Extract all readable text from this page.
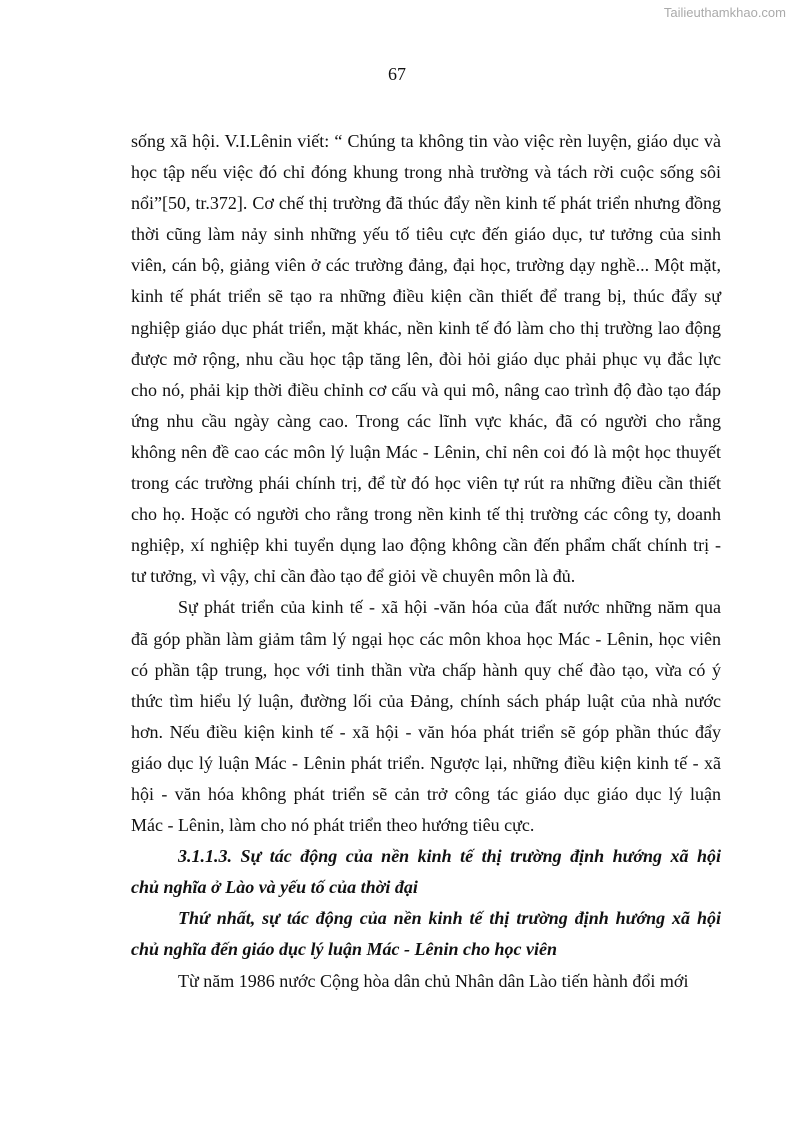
Tailieuthamkhao.com
67
sống xã hội. V.I.Lênin viết: “ Chúng ta không tin vào việc rèn luyện, giáo dục và
học tập nếu việc đó chỉ đóng khung trong nhà trường và tách rời cuộc sống sôi
nổi”[50, tr.372]. Cơ chế thị trường đã thúc đẩy nền kinh tế phát triển nhưng đồng
thời cũng làm nảy sinh những yếu tố tiêu cực đến giáo dục, tư tưởng của sinh
viên, cán bộ, giảng viên ở các trường đảng, đại học, trường dạy nghề... Một mặt,
kinh tế phát triển sẽ tạo ra những điều kiện cần thiết để trang bị, thúc đẩy sự
nghiệp giáo dục phát triển, mặt khác, nền kinh tế đó làm cho thị trường lao động
được mở rộng, nhu cầu học tập tăng lên, đòi hỏi giáo dục phải phục vụ đắc lực
cho nó, phải kịp thời điều chỉnh cơ cấu và qui mô, nâng cao trình độ đào tạo đáp
ứng nhu cầu ngày càng cao. Trong các lĩnh vực khác, đã có người cho rằng
không nên đề cao các môn lý luận Mác - Lênin, chỉ nên coi đó là một học thuyết
trong các trường phái chính trị, để từ đó học viên tự rút ra những điều cần thiết
cho họ. Hoặc có người cho rằng trong nền kinh tế thị trường các công ty, doanh
nghiệp, xí nghiệp khi tuyển dụng lao động không cần đến phẩm chất chính trị -
tư tưởng, vì vậy, chỉ cần đào tạo để giỏi về chuyên môn là đủ.
Sự phát triển của kinh tế - xã hội -văn hóa của đất nước những năm qua
đã góp phần làm giảm tâm lý ngại học các môn khoa học Mác - Lênin, học viên
có phần tập trung, học với tinh thần vừa chấp hành quy chế đào tạo, vừa có ý
thức tìm hiểu lý luận, đường lối của Đảng, chính sách pháp luật của nhà nước
hơn. Nếu điều kiện kinh tế - xã hội - văn hóa phát triển sẽ góp phần thúc đẩy
giáo dục lý luận Mác - Lênin phát triển. Ngược lại, những điều kiện kinh tế - xã
hội - văn hóa không phát triển sẽ cản trở công tác giáo dục giáo dục lý luận
Mác - Lênin, làm cho nó phát triển theo hướng tiêu cực.
3.1.1.3. Sự tác động của nền kinh tế thị trường định hướng xã hội
chủ nghĩa ở Lào và yếu tố của thời đại
Thứ nhất, sự tác động của nền kinh tế thị trường định hướng xã hội
chủ nghĩa đến giáo dục lý luận Mác - Lênin cho học viên
Từ năm 1986 nước Cộng hòa dân chủ Nhân dân Lào tiến hành đổi mới
